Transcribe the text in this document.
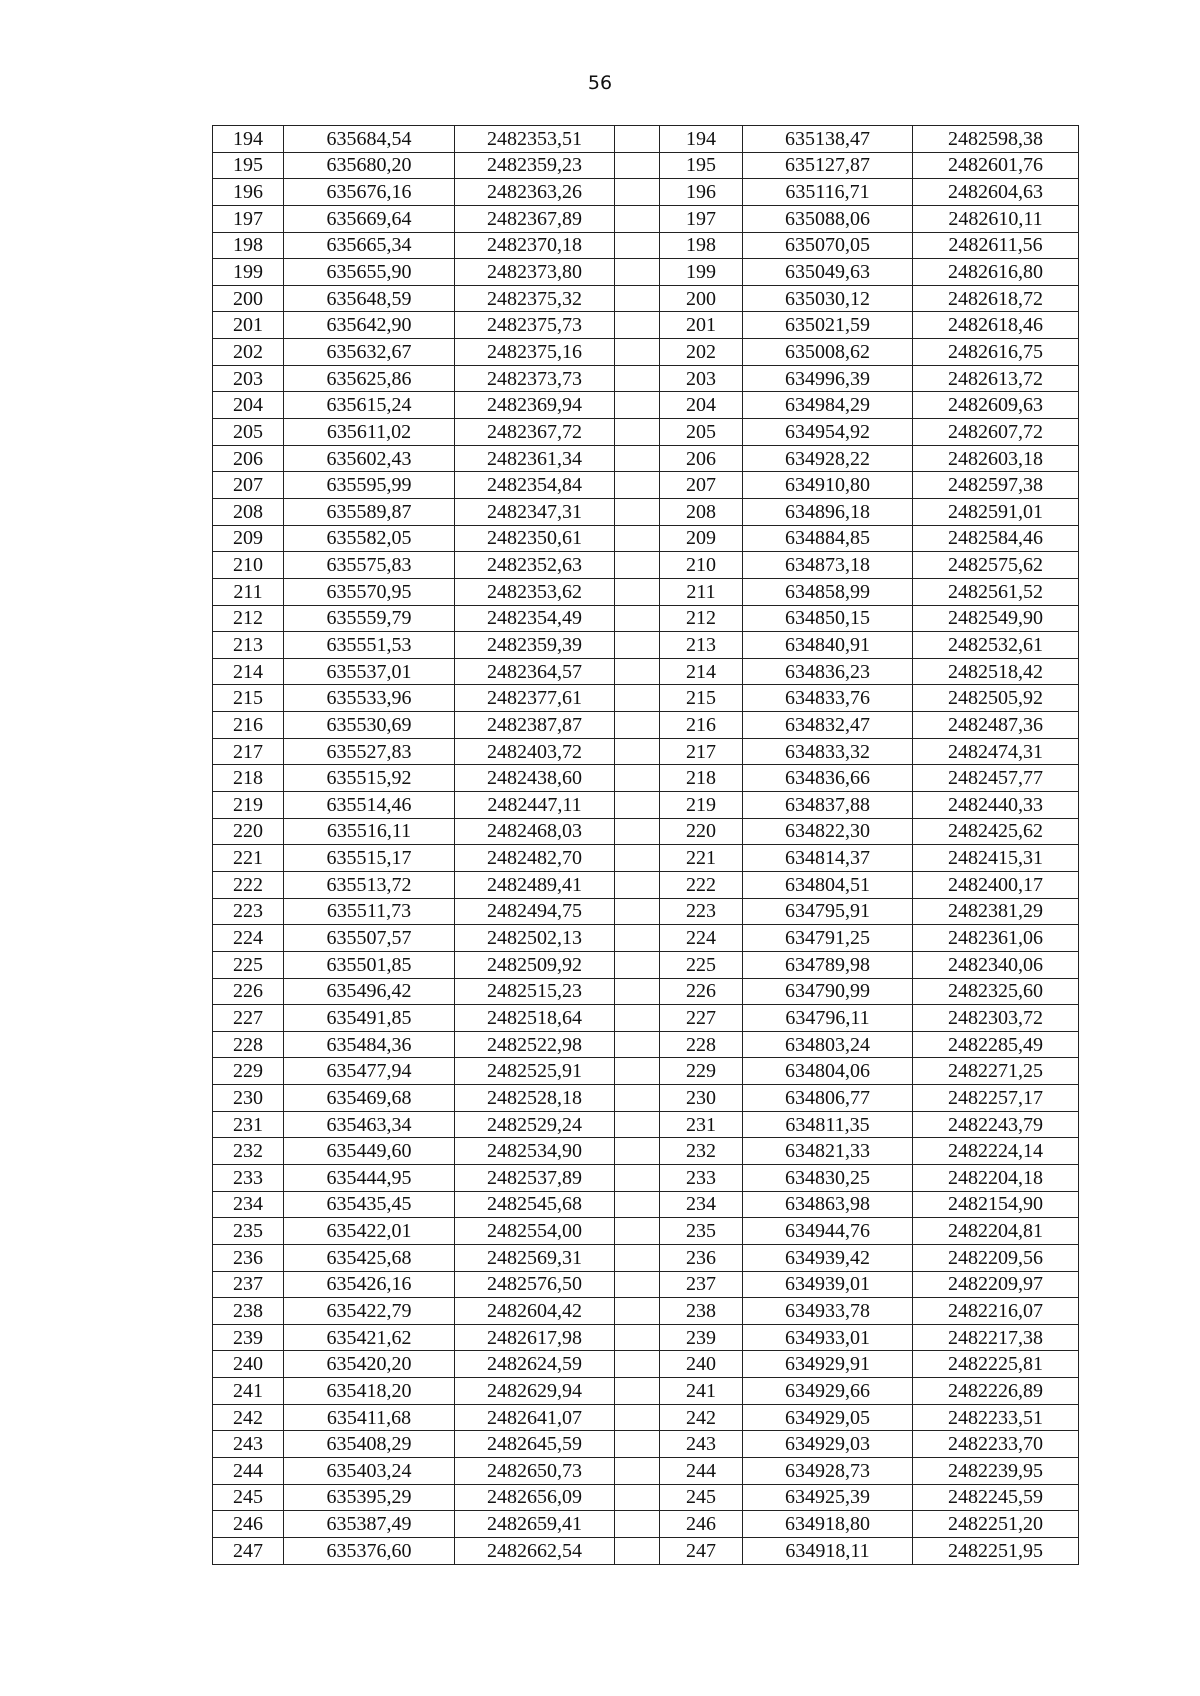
56
194	635684,54	2482353,51		194	635138,47	2482598,38
195	635680,20	2482359,23		195	635127,87	2482601,76
196	635676,16	2482363,26		196	635116,71	2482604,63
197	635669,64	2482367,89		197	635088,06	2482610,11
198	635665,34	2482370,18		198	635070,05	2482611,56
199	635655,90	2482373,80		199	635049,63	2482616,80
200	635648,59	2482375,32		200	635030,12	2482618,72
201	635642,90	2482375,73		201	635021,59	2482618,46
202	635632,67	2482375,16		202	635008,62	2482616,75
203	635625,86	2482373,73		203	634996,39	2482613,72
204	635615,24	2482369,94		204	634984,29	2482609,63
205	635611,02	2482367,72		205	634954,92	2482607,72
206	635602,43	2482361,34		206	634928,22	2482603,18
207	635595,99	2482354,84		207	634910,80	2482597,38
208	635589,87	2482347,31		208	634896,18	2482591,01
209	635582,05	2482350,61		209	634884,85	2482584,46
210	635575,83	2482352,63		210	634873,18	2482575,62
211	635570,95	2482353,62		211	634858,99	2482561,52
212	635559,79	2482354,49		212	634850,15	2482549,90
213	635551,53	2482359,39		213	634840,91	2482532,61
214	635537,01	2482364,57		214	634836,23	2482518,42
215	635533,96	2482377,61		215	634833,76	2482505,92
216	635530,69	2482387,87		216	634832,47	2482487,36
217	635527,83	2482403,72		217	634833,32	2482474,31
218	635515,92	2482438,60		218	634836,66	2482457,77
219	635514,46	2482447,11		219	634837,88	2482440,33
220	635516,11	2482468,03		220	634822,30	2482425,62
221	635515,17	2482482,70		221	634814,37	2482415,31
222	635513,72	2482489,41		222	634804,51	2482400,17
223	635511,73	2482494,75		223	634795,91	2482381,29
224	635507,57	2482502,13		224	634791,25	2482361,06
225	635501,85	2482509,92		225	634789,98	2482340,06
226	635496,42	2482515,23		226	634790,99	2482325,60
227	635491,85	2482518,64		227	634796,11	2482303,72
228	635484,36	2482522,98		228	634803,24	2482285,49
229	635477,94	2482525,91		229	634804,06	2482271,25
230	635469,68	2482528,18		230	634806,77	2482257,17
231	635463,34	2482529,24		231	634811,35	2482243,79
232	635449,60	2482534,90		232	634821,33	2482224,14
233	635444,95	2482537,89		233	634830,25	2482204,18
234	635435,45	2482545,68		234	634863,98	2482154,90
235	635422,01	2482554,00		235	634944,76	2482204,81
236	635425,68	2482569,31		236	634939,42	2482209,56
237	635426,16	2482576,50		237	634939,01	2482209,97
238	635422,79	2482604,42		238	634933,78	2482216,07
239	635421,62	2482617,98		239	634933,01	2482217,38
240	635420,20	2482624,59		240	634929,91	2482225,81
241	635418,20	2482629,94		241	634929,66	2482226,89
242	635411,68	2482641,07		242	634929,05	2482233,51
243	635408,29	2482645,59		243	634929,03	2482233,70
244	635403,24	2482650,73		244	634928,73	2482239,95
245	635395,29	2482656,09		245	634925,39	2482245,59
246	635387,49	2482659,41		246	634918,80	2482251,20
247	635376,60	2482662,54		247	634918,11	2482251,95
